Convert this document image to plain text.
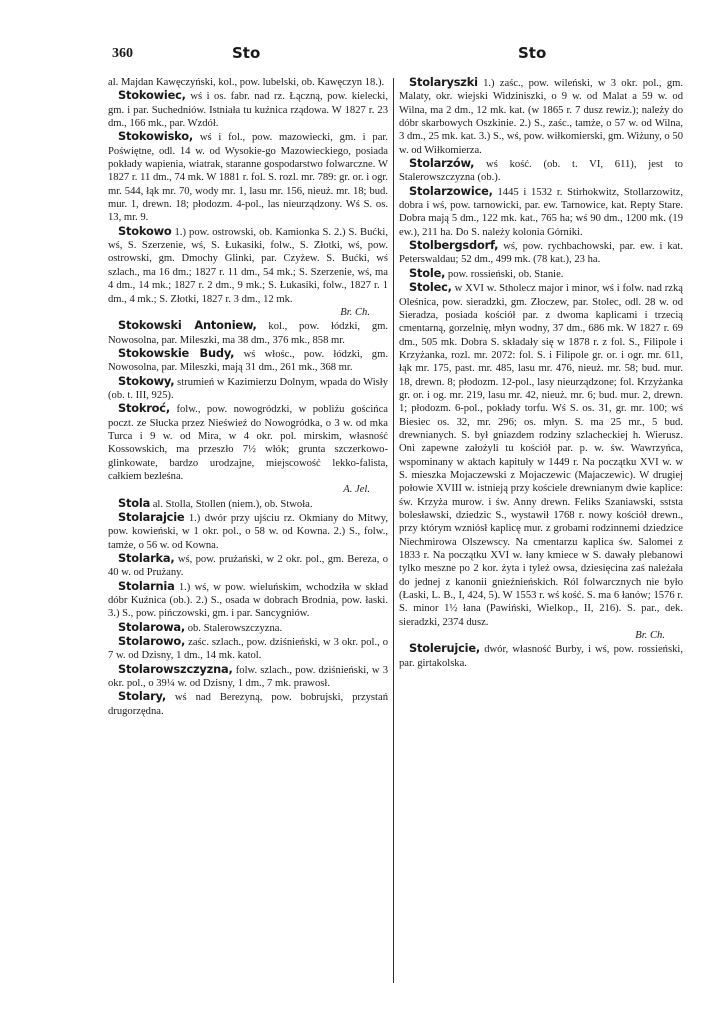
360	Sto	Sto
al. Majdan Kawęczyński, kol., pow. lubelski, ob. Kawęczyn 18.).
Stokowiec, wś i os. fabr. nad rz. Łączną, pow. kielecki, gm. i par. Suchedniów. Istniała tu kuźnica rządowa. W 1827 r. 23 dm., 166 mk., par. Wzdół.
Stokowisko, wś i fol., pow. mazowiecki, gm. i par. Poświętne, odl. 14 w. od Wysokie-go Mazowieckiego, posiada pokłady wapienia, wiatrak, staranne gospodarstwo folwarczne. W 1827 r. 11 dm., 74 mk. W 1881 r. fol. S. rozl. mr. 789: gr. or. i ogr. mr. 544, łąk mr. 70, wody mr. 1, lasu mr. 156, nieuż. mr. 18; bud. mur. 1, drewn. 18; płodozm. 4-pol., las nieurządzony. Wś S. os. 13, mr. 9.
Stokowo 1.) pow. ostrowski, ob. Kamionka S. 2.) S. Bućki, wś, S. Szerzenie, wś, S. Łukasiki, folw., S. Złotki, wś, pow. ostrowski, gm. Dmochy Glinki, par. Czyżew. S. Bućki, wś szlach., ma 16 dm.; 1827 r. 11 dm., 54 mk.; S. Szerzenie, wś, ma 4 dm., 14 mk.; 1827 r. 2 dm., 9 mk.; S. Łukasiki, folw., 1827 r. 1 dm., 4 mk.; S. Złotki, 1827 r. 3 dm., 12 mk.
Br. Ch.
Stokowski Antoniew, kol., pow. łódzki, gm. Nowosolna, par. Mileszki, ma 38 dm., 376 mk., 858 mr.
Stokowskie Budy, wś włośc., pow. łódzki, gm. Nowosolna, par. Mileszki, mają 31 dm., 261 mk., 368 mr.
Stokowy, strumień w Kazimierzu Dolnym, wpada do Wisły (ob. t. III, 925).
Stokroć, folw., pow. nowogródzki, w pobliżu gościńca poczt. ze Słucka przez Nieświeź do Nowogródka, o 3 w. od mka Turca i 9 w. od Mira, w 4 okr. pol. mirskim, własność Kossowskich, ma przeszło 7½ włók; grunta szczerkowo-glinkowate, bardzo urodzajne, miejscowość lekko-falista, całkiem bezleśna.
A. Jel.
Stola al. Stolla, Stollen (niem.), ob. Stwoła.
Stolarajcie 1.) dwór przy ujściu rz. Okmiany do Mitwy, pow. kowieński, w 1 okr. pol., o 58 w. od Kowna. 2.) S., folw., tamże, o 56 w. od Kowna.
Stolarka, wś, pow. prużański, w 2 okr. pol., gm. Bereza, o 40 w. od Prużany.
Stolarnia 1.) wś, w pow. wieluńskim, wchodziła w skład dóbr Kuźnica (ob.). 2.) S., osada w dobrach Brodnia, pow. łaski. 3.) S., pow. pińczowski, gm. i par. Sancygniów.
Stolarowa, ob. Stalerowszczyzna.
Stolarowo, zaśc. szlach., pow. dziśnieński, w 3 okr. pol., o 7 w. od Dzisny, 1 dm., 14 mk. katol.
Stolarowszczyzna, folw. szlach., pow. dziśnieński, w 3 okr. pol., o 39¼ w. od Dzisny, 1 dm., 7 mk. prawosł.
Stolary, wś nad Berezyną, pow. bobrujski, przystań drugorzędna.
Stolaryszki 1.) zaśc., pow. wileński, w 3 okr. pol., gm. Malaty, okr. wiejski Widziniszki, o 9 w. od Malat a 59 w. od Wilna, ma 2 dm., 12 mk. kat. (w 1865 r. 7 dusz rewiz.); należy do dóbr skarbowych Oszkinie. 2.) S., zaśc., tamże, o 57 w. od Wilna, 3 dm., 25 mk. kat. 3.) S., wś, pow. wiłkomierski, gm. Wiżuny, o 50 w. od Wiłkomierza.
Stolarzów, wś kość. (ob. t. VI, 611), jest to Stalerowszczyzna (ob.).
Stolarzowice, 1445 i 1532 r. Stirhokwitz, Stollarzowitz, dobra i wś, pow. tarnowicki, par. ew. Tarnowice, kat. Repty Stare. Dobra mają 5 dm., 122 mk. kat., 765 ha; wś 90 dm., 1200 mk. (19 ew.), 211 ha. Do S. należy kolonia Górniki.
Stolbergsdorf, wś, pow. rychbachowski, par. ew. i kat. Peterswaldau; 52 dm., 499 mk. (78 kat.), 23 ha.
Stole, pow. rossieński, ob. Stanie.
Stolec, w XVI w. Stholecz major i minor, wś i folw. nad rzką Oleśnica, pow. sieradzki, gm. Złoczew, par. Stolec, odl. 28 w. od Sieradza, posiada kościół par. z dwoma kaplicami i trzecią cmentarną, gorzelnię, młyn wodny, 37 dm., 686 mk. W 1827 r. 69 dm., 505 mk. Dobra S. składały się w 1878 r. z fol. S., Filipole i Krzyżanka, rozl. mr. 2072: fol. S. i Filipole gr. or. i ogr. mr. 611, łąk mr. 175, past. mr. 485, lasu mr. 476, nieuż. mr. 58; bud. mur. 18, drewn. 8; płodozm. 12-pol., lasy nieurządzone; fol. Krzyżanka gr. or. i og. mr. 219, lasu mr. 42, nieuż. mr. 6; bud. mur. 2, drewn. 1; płodozm. 6-pol., pokłady torfu. Wś S. os. 31, gr. mr. 100; wś Biesiec os. 32, mr. 296; os. młyn. S. ma 25 mr., 5 bud. drewnianych. S. był gniazdem rodziny szlacheckiej h. Wierusz. Oni zapewne założyli tu kościół par. p. w. św. Wawrzyńca, wspominany w aktach kapituły w 1449 r. Na początku XVI w. w S. mieszka Mojaczewski z Mojaczewic (Majaczewic). W drugiej połowie XVIII w. istnieją przy kościele drewnianym dwie kaplice: św. Krzyża murow. i św. Anny drewn. Feliks Szaniawski, sststa bolesławski, dziedzic S., wystawił 1768 r. nowy kościół drewn., przy którym wzniósł kaplicę mur. z grobami rodzinnemi dziedzice Niechmirowa Olszewscy. Na cmentarzu kaplica św. Salomei z 1833 r. Na początku XVI w. łany kmiece w S. dawały plebanowi tylko meszne po 2 kor. żyta i tyleż owsa, dziesięcina zaś należała do jednej z kanonii gnieźnieńskich. Ról folwarcznych nie było (Łaski, L. B., I, 424, 5). W 1553 r. wś kość. S. ma 6 łanów; 1576 r. S. minor 1½ łana (Pawiński, Wielkop., II, 216). S. par., dek. sieradzki, 2374 dusz.
Br. Ch.
Stolerujcie, dwór, własność Burby, i wś, pow. rossieński, par. girtakolska.
